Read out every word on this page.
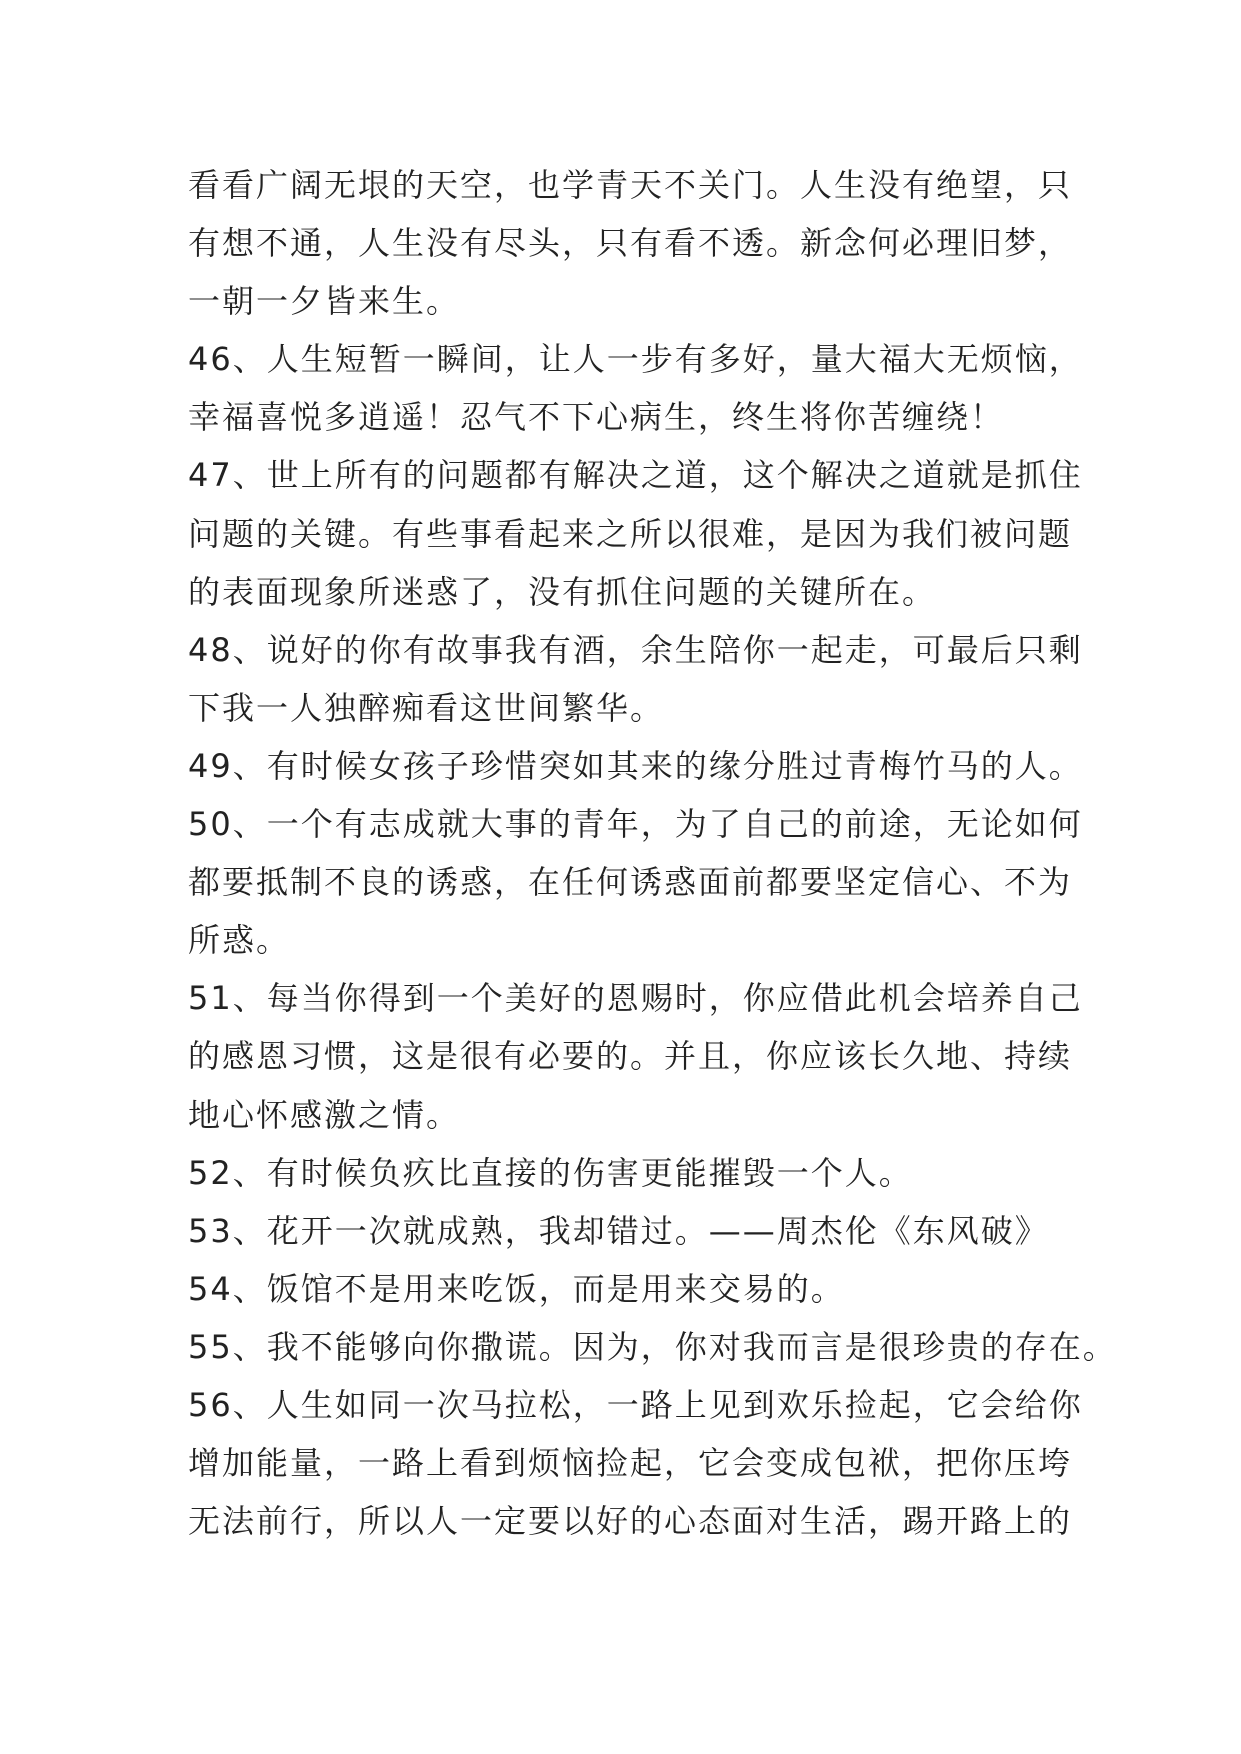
看看广阔无垠的天空，也学青天不关门。人生没有绝望，只
有想不通，人生没有尽头，只有看不透。新念何必理旧梦，
一朝一夕皆来生。
46、人生短暂一瞬间，让人一步有多好，量大福大无烦恼，
幸福喜悦多逍遥！忍气不下心病生，终生将你苦缠绕！
47、世上所有的问题都有解决之道，这个解决之道就是抓住
问题的关键。有些事看起来之所以很难，是因为我们被问题
的表面现象所迷惑了，没有抓住问题的关键所在。
48、说好的你有故事我有酒，余生陪你一起走，可最后只剩
下我一人独醉痴看这世间繁华。
49、有时候女孩子珍惜突如其来的缘分胜过青梅竹马的人。
50、一个有志成就大事的青年，为了自己的前途，无论如何
都要抵制不良的诱惑，在任何诱惑面前都要坚定信心、不为
所惑。
51、每当你得到一个美好的恩赐时，你应借此机会培养自己
的感恩习惯，这是很有必要的。并且，你应该长久地、持续
地心怀感激之情。
52、有时候负疚比直接的伤害更能摧毁一个人。
53、花开一次就成熟，我却错过。——周杰伦《东风破》
54、饭馆不是用来吃饭，而是用来交易的。
55、我不能够向你撒谎。因为，你对我而言是很珍贵的存在。
56、人生如同一次马拉松，一路上见到欢乐捡起，它会给你
增加能量，一路上看到烦恼捡起，它会变成包袱，把你压垮
无法前行，所以人一定要以好的心态面对生活，踢开路上的
